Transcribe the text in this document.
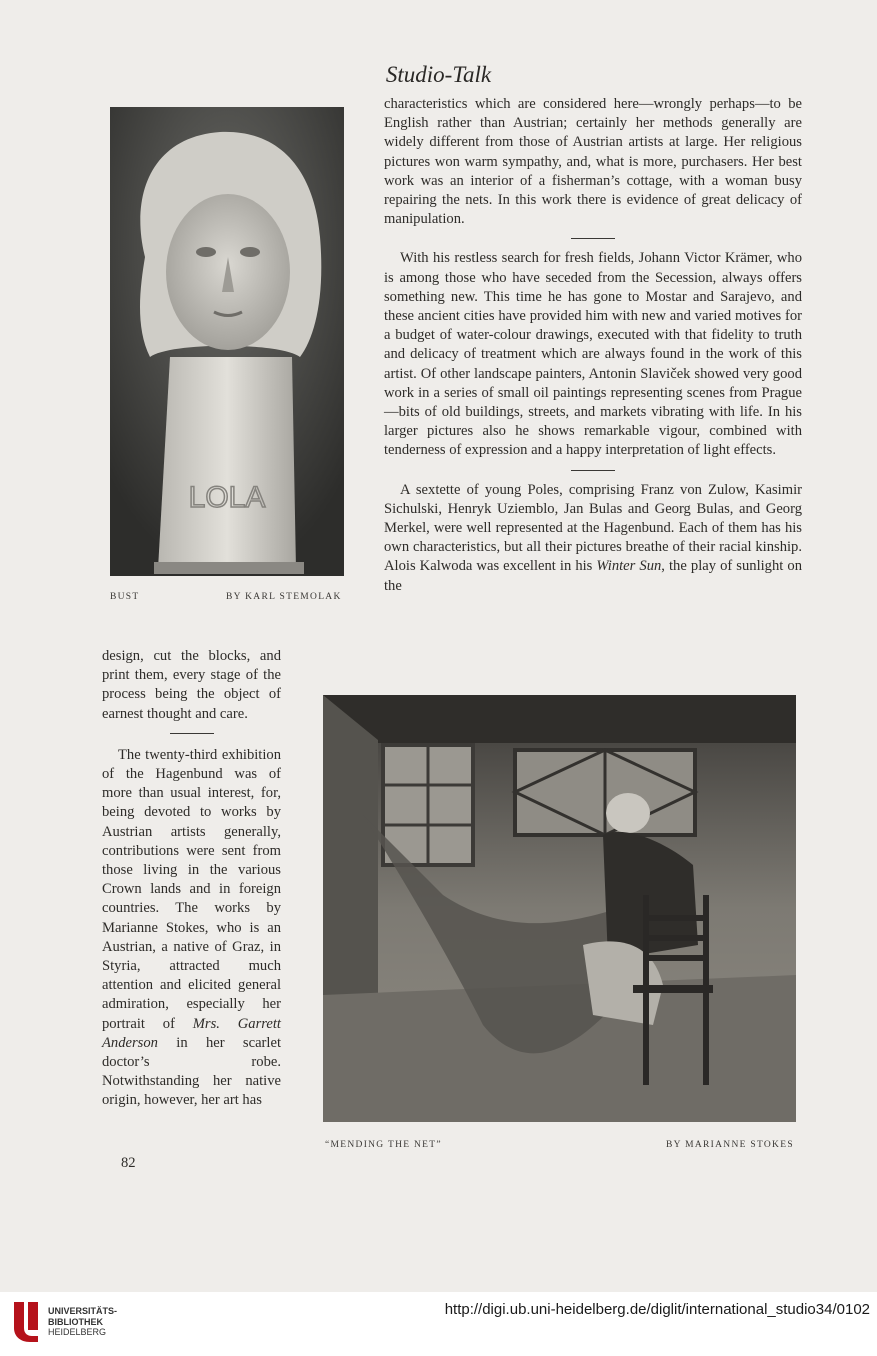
Studio-Talk
LOLA
BUST	BY KARL STEMOLAK

characteristics which are considered here—wrongly perhaps—to be English rather than Austrian; certainly her methods generally are widely different from those of Austrian artists at large. Her religious pictures won warm sympathy, and, what is more, purchasers. Her best work was an interior of a fisherman’s cottage, with a woman busy repairing the nets. In this work there is evidence of great delicacy of manipulation.

With his restless search for fresh fields, Johann Victor Krämer, who is among those who have seceded from the Secession, always offers something new. This time he has gone to Mostar and Sarajevo, and these ancient cities have provided him with new and varied motives for a budget of water-colour drawings, executed with that fidelity to truth and delicacy of treatment which are always found in the work of this artist. Of other landscape painters, Antonin Slaviček showed very good work in a series of small oil paintings representing scenes from Prague—bits of old buildings, streets, and markets vibrating with life. In his larger pictures also he shows remarkable vigour, combined with tenderness of expression and a happy interpretation of light effects.

A sextette of young Poles, comprising Franz von Zulow, Kasimir Sichulski, Henryk Uziemblo, Jan Bulas and Georg Bulas, and Georg Merkel, were well represented at the Hagenbund. Each of them has his own characteristics, but all their pictures breathe of their racial kinship. Alois Kalwoda was excellent in his Winter Sun, the play of sunlight on the

design, cut the blocks, and print them, every stage of the process being the object of earnest thought and care.

The twenty-third exhibition of the Hagenbund was of more than usual interest, for, being devoted to works by Austrian artists generally, contributions were sent from those living in the various Crown lands and in foreign countries. The works by Marianne Stokes, who is an Austrian, a native of Graz, in Styria, attracted much attention and elicited general admiration, especially her portrait of Mrs. Garrett Anderson in her scarlet doctor’s robe. Notwithstanding her native origin, however, her art has

“MENDING THE NET”	BY MARIANNE STOKES
82
UNIVERSITÄTS-
BIBLIOTHEK
HEIDELBERG
http://digi.ub.uni-heidelberg.de/diglit/international_studio34/0102
